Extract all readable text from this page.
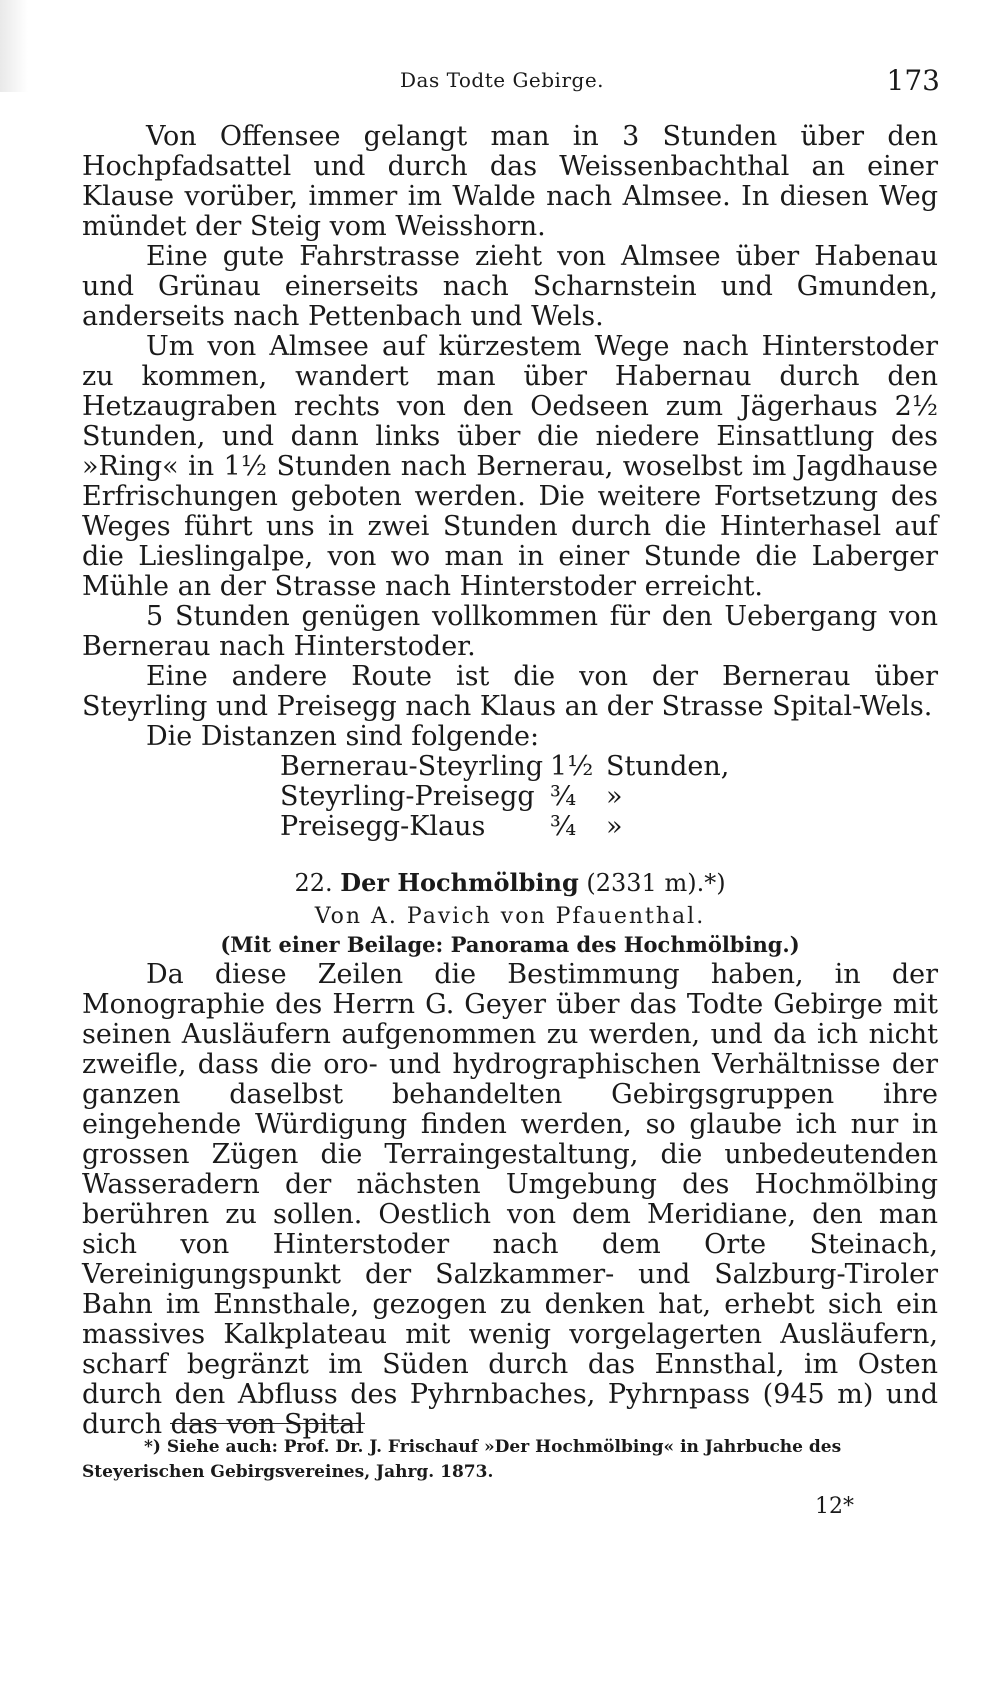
Das Todte Gebirge.	173

Von Offensee gelangt man in 3 Stunden über den Hochpfadsattel und durch das Weissenbachthal an einer Klause vorüber, immer im Walde nach Almsee. In diesen Weg mündet der Steig vom Weisshorn.

Eine gute Fahrstrasse zieht von Almsee über Habenau und Grünau einerseits nach Scharnstein und Gmunden, anderseits nach Pettenbach und Wels.

Um von Almsee auf kürzestem Wege nach Hinterstoder zu kommen, wandert man über Habernau durch den Hetzaugraben rechts von den Oedseen zum Jägerhaus 2½ Stunden, und dann links über die niedere Einsattlung des »Ring« in 1½ Stunden nach Bernerau, woselbst im Jagdhause Erfrischungen geboten werden. Die weitere Fortsetzung des Weges führt uns in zwei Stunden durch die Hinterhasel auf die Lieslingalpe, von wo man in einer Stunde die Laberger Mühle an der Strasse nach Hinterstoder erreicht.

5 Stunden genügen vollkommen für den Uebergang von Bernerau nach Hinterstoder.

Eine andere Route ist die von der Bernerau über Steyrling und Preisegg nach Klaus an der Strasse Spital-Wels.

Die Distanzen sind folgende:

Bernerau-Steyrling	1½	Stunden,
Steyrling-Preisegg	¾	»
Preisegg-Klaus	¾	»
22. Der Hochmölbing (2331 m).*)
Von A. Pavich von Pfauenthal.
(Mit einer Beilage: Panorama des Hochmölbing.)

Da diese Zeilen die Bestimmung haben, in der Monographie des Herrn G. Geyer über das Todte Gebirge mit seinen Ausläufern aufgenommen zu werden, und da ich nicht zweifle, dass die oro- und hydrographischen Verhältnisse der ganzen daselbst behandelten Gebirgsgruppen ihre eingehende Würdigung finden werden, so glaube ich nur in grossen Zügen die Terraingestaltung, die unbedeutenden Wasseradern der nächsten Umgebung des Hochmölbing berühren zu sollen. Oestlich von dem Meridiane, den man sich von Hinterstoder nach dem Orte Steinach, Vereinigungspunkt der Salzkammer- und Salzburg-Tiroler Bahn im Ennsthale, gezogen zu denken hat, erhebt sich ein massives Kalkplateau mit wenig vorgelagerten Ausläufern, scharf begränzt im Süden durch das Ennsthal, im Osten durch den Abfluss des Pyhrnbaches, Pyhrnpass (945 m) und durch das von Spital

*) Siehe auch: Prof. Dr. J. Frischauf »Der Hochmölbing« in Jahrbuche des Steyerischen Gebirgsvereines, Jahrg. 1873.

12*
